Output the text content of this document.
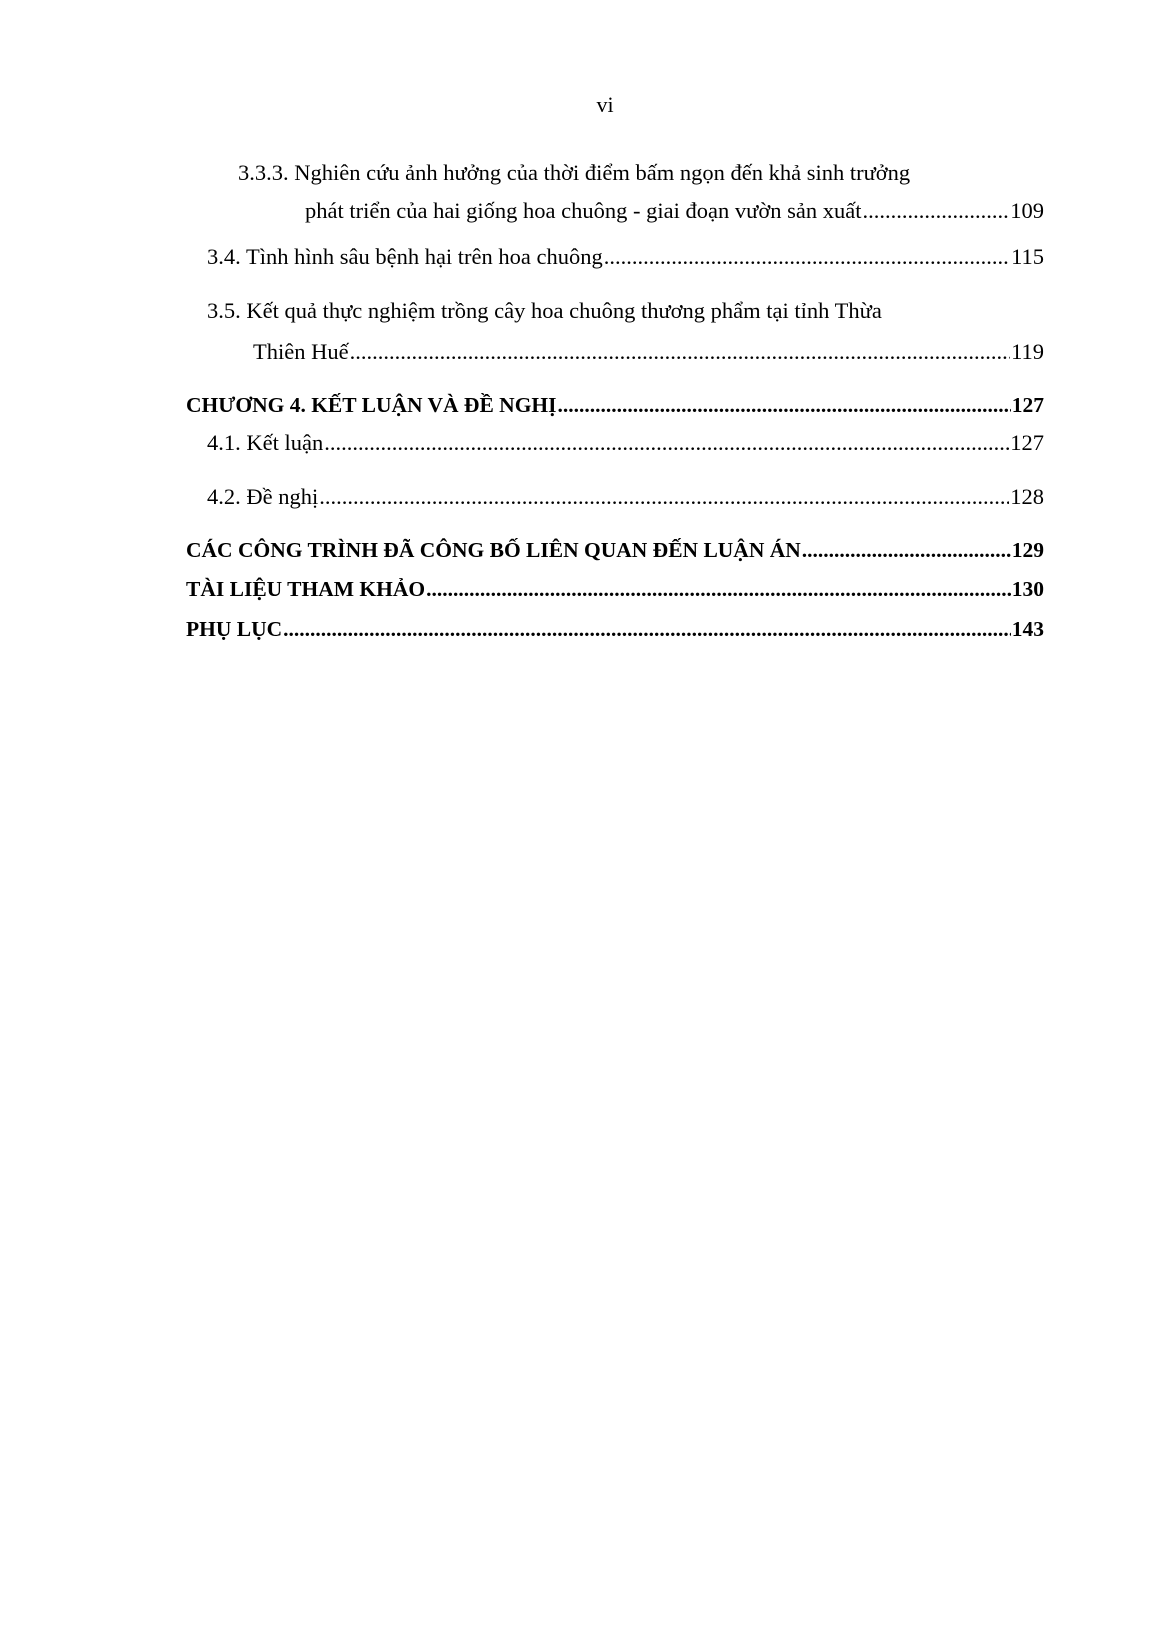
vi
3.3.3. Nghiên cứu ảnh hưởng của thời điểm bấm ngọn đến khả sinh trưởng
phát triển của hai giống hoa chuông - giai đoạn vườn sản xuất .....	109
3.4. Tình hình sâu bệnh hại trên hoa chuông .....	115
3.5. Kết quả thực nghiệm trồng cây hoa chuông thương phẩm tại tỉnh Thừa
Thiên Huế .....	119
CHƯƠNG 4. KẾT LUẬN VÀ ĐỀ NGHỊ .....	127
4.1. Kết luận .....	127
4.2. Đề nghị .....	128
CÁC CÔNG TRÌNH ĐÃ CÔNG BỐ LIÊN QUAN ĐẾN LUẬN ÁN .....	129
TÀI LIỆU THAM KHẢO .....	130
PHỤ LỤC .....	143
